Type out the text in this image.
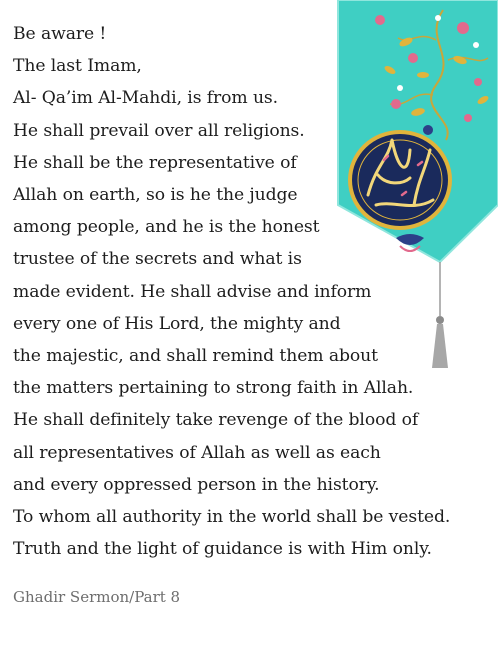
Be aware !
The last Imam,
Al- Qa’im Al-Mahdi, is from us.
He shall prevail over all religions.
He shall be the representative of
Allah on earth, so is he the judge
among people, and he is the honest
trustee of the secrets and what is
made evident. He shall advise and inform
every one of His Lord, the mighty and
the majestic, and shall remind them about
the matters pertaining to strong faith in Allah.
He shall definitely take revenge of the blood of
all representatives of Allah as well as each
and every oppressed person in the history.
To whom all authority in the world shall be vested.
Truth and the light of guidance is with Him only.
Ghadir Sermon/Part 8
